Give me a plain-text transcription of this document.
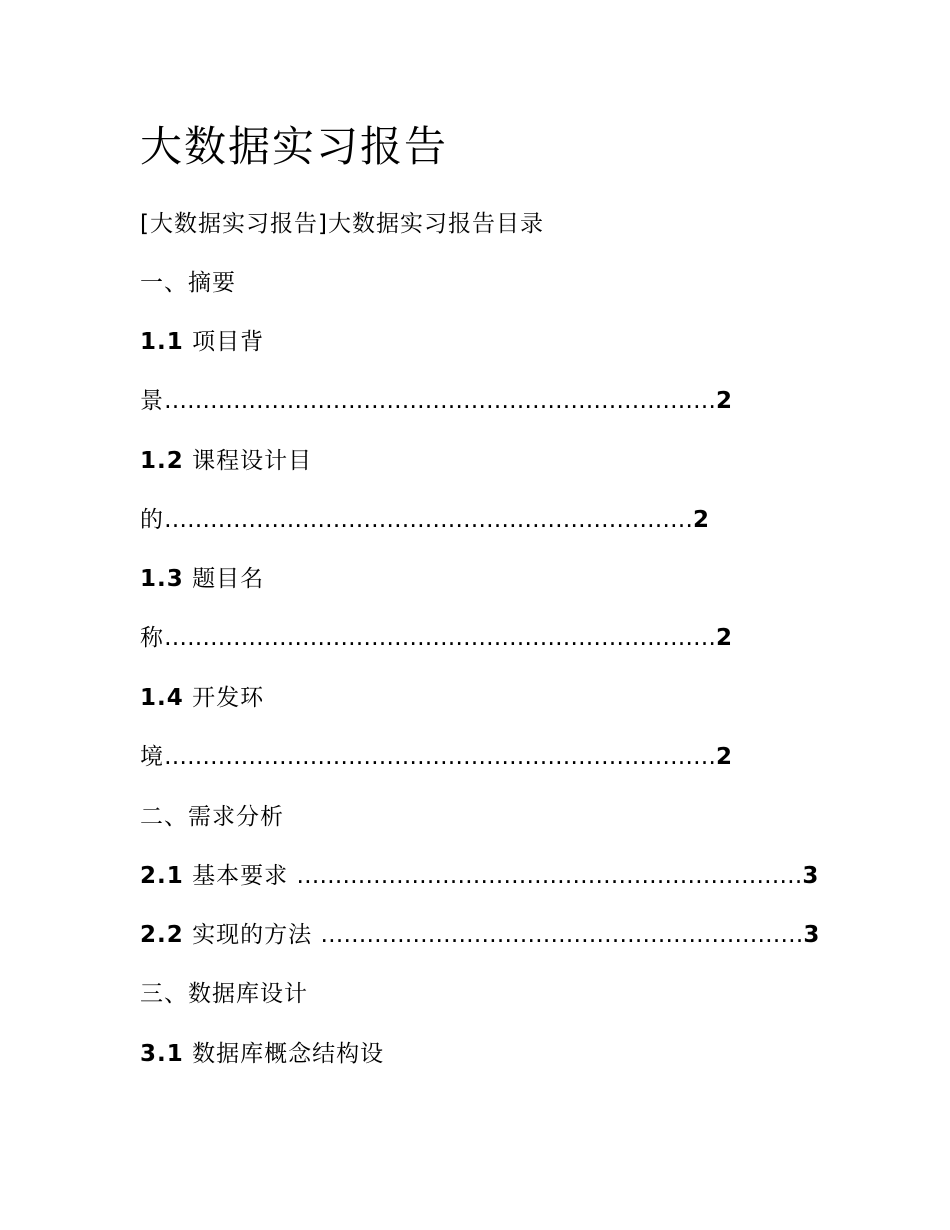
大数据实习报告
[大数据实习报告]大数据实习报告目录
一、摘要
1.1 项目背
景………………………………………………………………2
1.2 课程设计目
的……………………………………………………………2
1.3 题目名
称………………………………………………………………2
1.4 开发环
境………………………………………………………………2
二、需求分析
2.1 基本要求 …………………………………………………………3
2.2 实现的方法 ………………………………………………………3
三、数据库设计
3.1 数据库概念结构设
